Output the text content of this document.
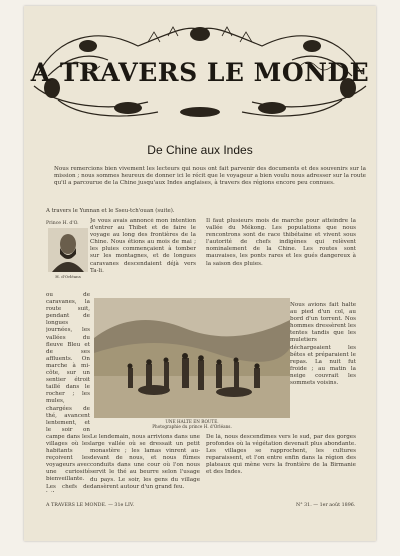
A TRAVERS LE MONDE
De Chine aux Indes
Nous remercions bien vivement les lecteurs qui nous ont fait parvenir des documents et des souvenirs sur la mission ; nous sommes heureux de donner ici le récit que le voyageur a bien voulu nous adresser sur la route qu'il a parcourue de la Chine jusqu'aux Indes anglaises, à travers des régions encore peu connues.
A travers le Yunnan et le Sseu-tch'ouan (suite).
Prince H. d'O.
H. d'Orléans
Je vous avais annoncé mon intention d'entrer au Thibet et de faire le voyage au long des frontières de la Chine. Nous étions au mois de mai ; les pluies commençaient à tomber sur les montagnes, et de longues caravanes descendaient déjà vers Ta-li.
ou de caravanes, la route suit, pendant de longues journées, les vallées du fleuve Bleu et de ses affluents. On marche à mi-côte, sur un sentier étroit taillé dans le rocher ; les mules, chargées de thé, avancent lentement, et le soir on campe dans les villages où les habitants reçoivent les voyageurs avec une curiosité bienveillante. Les chefs de
Il faut plusieurs mois de marche pour atteindre la vallée du Mékong. Les populations que nous rencontrons sont de race thibétaine et vivent sous l'autorité de chefs indigènes qui relèvent nominalement de la Chine. Les routes sont mauvaises, les ponts rares et les gués dangereux à la saison des pluies.
Nous avions fait halte au pied d'un col, au bord d'un torrent. Nos hommes dressèrent les tentes tandis que les muletiers déchargeaient les bêtes et préparaient le repas. La nuit fut froide ; au matin la neige couvrait les sommets voisins.
UNE HALTE EN ROUTE.
Photographie du prince H. d'Orléans.
Le lendemain, nous arrivions dans une large vallée où se dressait un petit monastère ; les lamas vinrent au-devant de nous, et nous fûmes conduits dans une cour où l'on nous servit le thé au beurre selon l'usage du pays. Le soir, les gens du village dansèrent autour d'un grand feu.
De là, nous descendîmes vers le sud, par des gorges profondes où la végétation devenait plus abondante. Les villages se rapprochent, les cultures reparaissent, et l'on entre enfin dans la région des plateaux qui mène vers la frontière de la Birmanie et des Indes.
A TRAVERS LE MONDE. — 31e LIV.	N° 31. — 1er août 1896.
